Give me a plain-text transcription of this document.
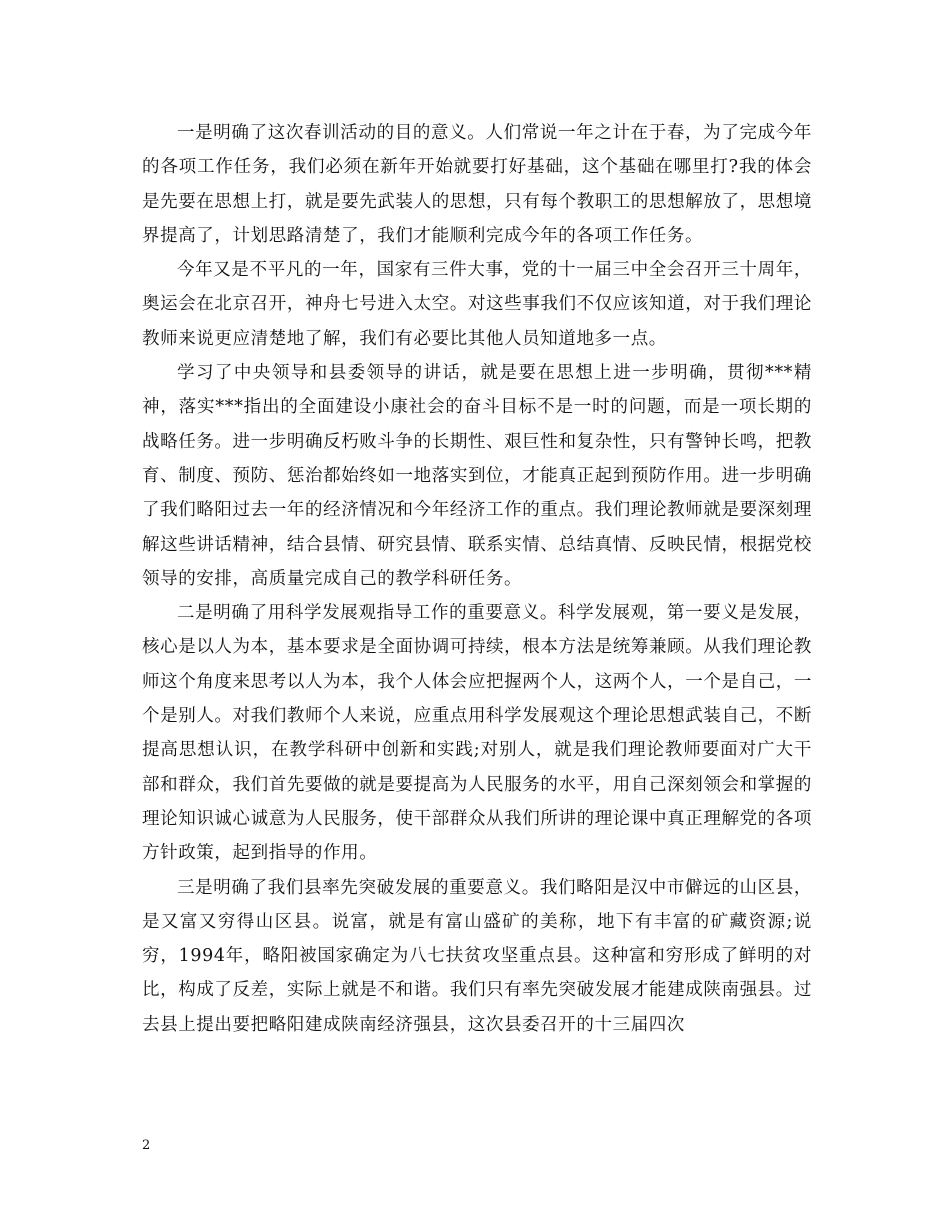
一是明确了这次春训活动的目的意义。人们常说一年之计在于春，为了完成今年的各项工作任务，我们必须在新年开始就要打好基础，这个基础在哪里打?我的体会是先要在思想上打，就是要先武装人的思想，只有每个教职工的思想解放了，思想境界提高了，计划思路清楚了，我们才能顺利完成今年的各项工作任务。

今年又是不平凡的一年，国家有三件大事，党的十一届三中全会召开三十周年，奥运会在北京召开，神舟七号进入太空。对这些事我们不仅应该知道，对于我们理论教师来说更应清楚地了解，我们有必要比其他人员知道地多一点。

学习了中央领导和县委领导的讲话，就是要在思想上进一步明确，贯彻***精神，落实***指出的全面建设小康社会的奋斗目标不是一时的问题，而是一项长期的战略任务。进一步明确反朽败斗争的长期性、艰巨性和复杂性，只有警钟长鸣，把教育、制度、预防、惩治都始终如一地落实到位，才能真正起到预防作用。进一步明确了我们略阳过去一年的经济情况和今年经济工作的重点。我们理论教师就是要深刻理解这些讲话精神，结合县情、研究县情、联系实情、总结真情、反映民情，根据党校领导的安排，高质量完成自己的教学科研任务。

二是明确了用科学发展观指导工作的重要意义。科学发展观，第一要义是发展，核心是以人为本，基本要求是全面协调可持续，根本方法是统筹兼顾。从我们理论教师这个角度来思考以人为本，我个人体会应把握两个人，这两个人，一个是自己，一个是别人。对我们教师个人来说，应重点用科学发展观这个理论思想武装自己，不断提高思想认识，在教学科研中创新和实践;对别人，就是我们理论教师要面对广大干部和群众，我们首先要做的就是要提高为人民服务的水平，用自己深刻领会和掌握的理论知识诚心诚意为人民服务，使干部群众从我们所讲的理论课中真正理解党的各项方针政策，起到指导的作用。

三是明确了我们县率先突破发展的重要意义。我们略阳是汉中市僻远的山区县，是又富又穷得山区县。说富，就是有富山盛矿的美称，地下有丰富的矿藏资源;说穷，1994年，略阳被国家确定为八七扶贫攻坚重点县。这种富和穷形成了鲜明的对比，构成了反差，实际上就是不和谐。我们只有率先突破发展才能建成陕南强县。过去县上提出要把略阳建成陕南经济强县，这次县委召开的十三届四次

2
